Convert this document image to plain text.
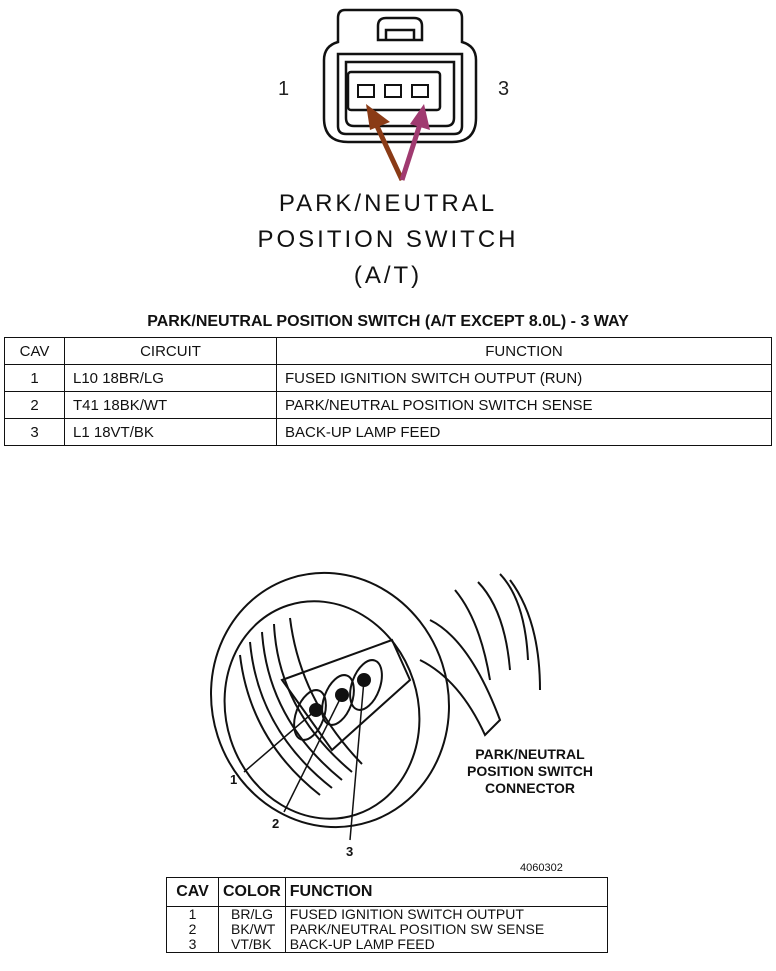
1	3
PARK/NEUTRAL
POSITION SWITCH
(A/T)
PARK/NEUTRAL POSITION SWITCH (A/T EXCEPT 8.0L) - 3 WAY
CAV	CIRCUIT	FUNCTION
1	L10 18BR/LG	FUSED IGNITION SWITCH OUTPUT (RUN)
2	T41 18BK/WT	PARK/NEUTRAL POSITION SWITCH SENSE
3	L1 18VT/BK	BACK-UP LAMP FEED
1
2
3
PARK/NEUTRAL
POSITION SWITCH
CONNECTOR
4060302
CAV	COLOR	FUNCTION
1	BR/LG	FUSED IGNITION SWITCH OUTPUT
2	BK/WT	PARK/NEUTRAL POSITION SW SENSE
3	VT/BK	BACK-UP LAMP FEED
